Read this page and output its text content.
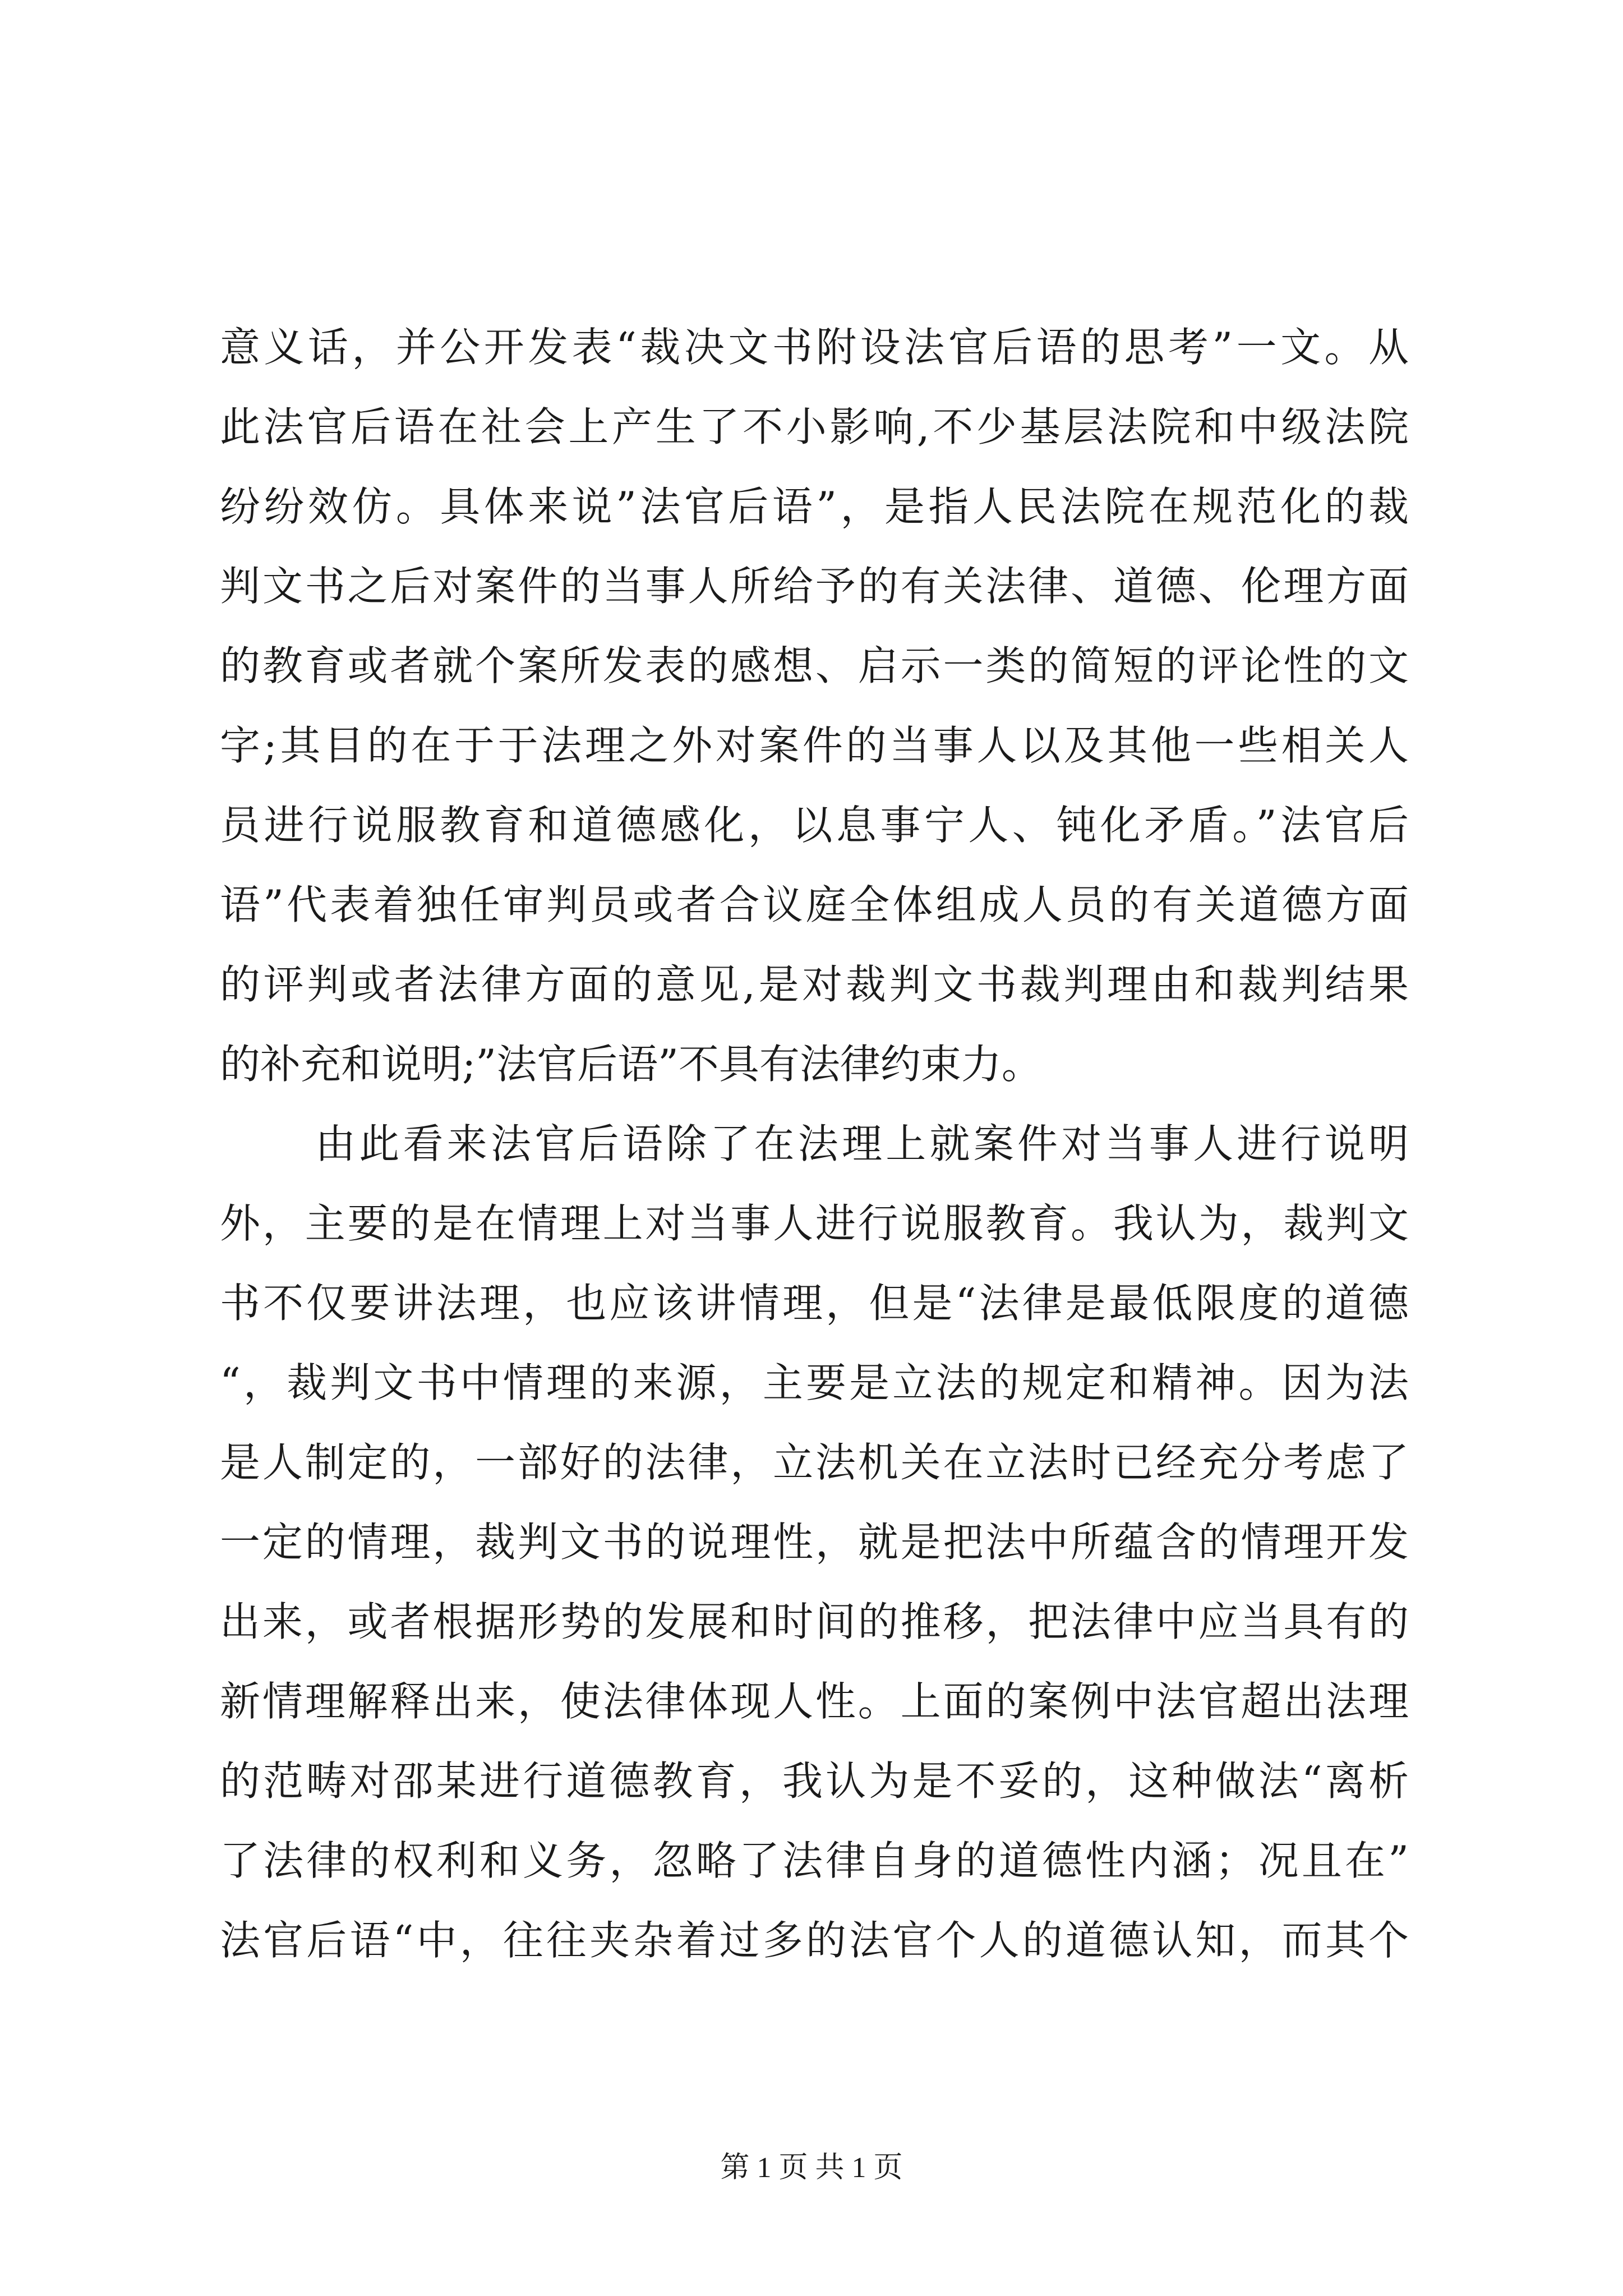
意义话，并公开发表“裁决文书附设法官后语的思考”一文。从
此法官后语在社会上产生了不小影响,不少基层法院和中级法院
纷纷效仿。具体来说”法官后语”，是指人民法院在规范化的裁
判文书之后对案件的当事人所给予的有关法律、道德、伦理方面
的教育或者就个案所发表的感想、启示一类的简短的评论性的文
字;其目的在于于法理之外对案件的当事人以及其他一些相关人
员进行说服教育和道德感化，以息事宁人、钝化矛盾。”法官后
语”代表着独任审判员或者合议庭全体组成人员的有关道德方面
的评判或者法律方面的意见,是对裁判文书裁判理由和裁判结果
的补充和说明;”法官后语”不具有法律约束力。
由此看来法官后语除了在法理上就案件对当事人进行说明
外，主要的是在情理上对当事人进行说服教育。我认为，裁判文
书不仅要讲法理，也应该讲情理，但是“法律是最低限度的道德
“，裁判文书中情理的来源，主要是立法的规定和精神。因为法
是人制定的，一部好的法律，立法机关在立法时已经充分考虑了
一定的情理，裁判文书的说理性，就是把法中所蕴含的情理开发
出来，或者根据形势的发展和时间的推移，把法律中应当具有的
新情理解释出来，使法律体现人性。上面的案例中法官超出法理
的范畴对邵某进行道德教育，我认为是不妥的，这种做法“离析
了法律的权利和义务，忽略了法律自身的道德性内涵；况且在”
法官后语“中，往往夹杂着过多的法官个人的道德认知，而其个
第 1 页 共 1 页
